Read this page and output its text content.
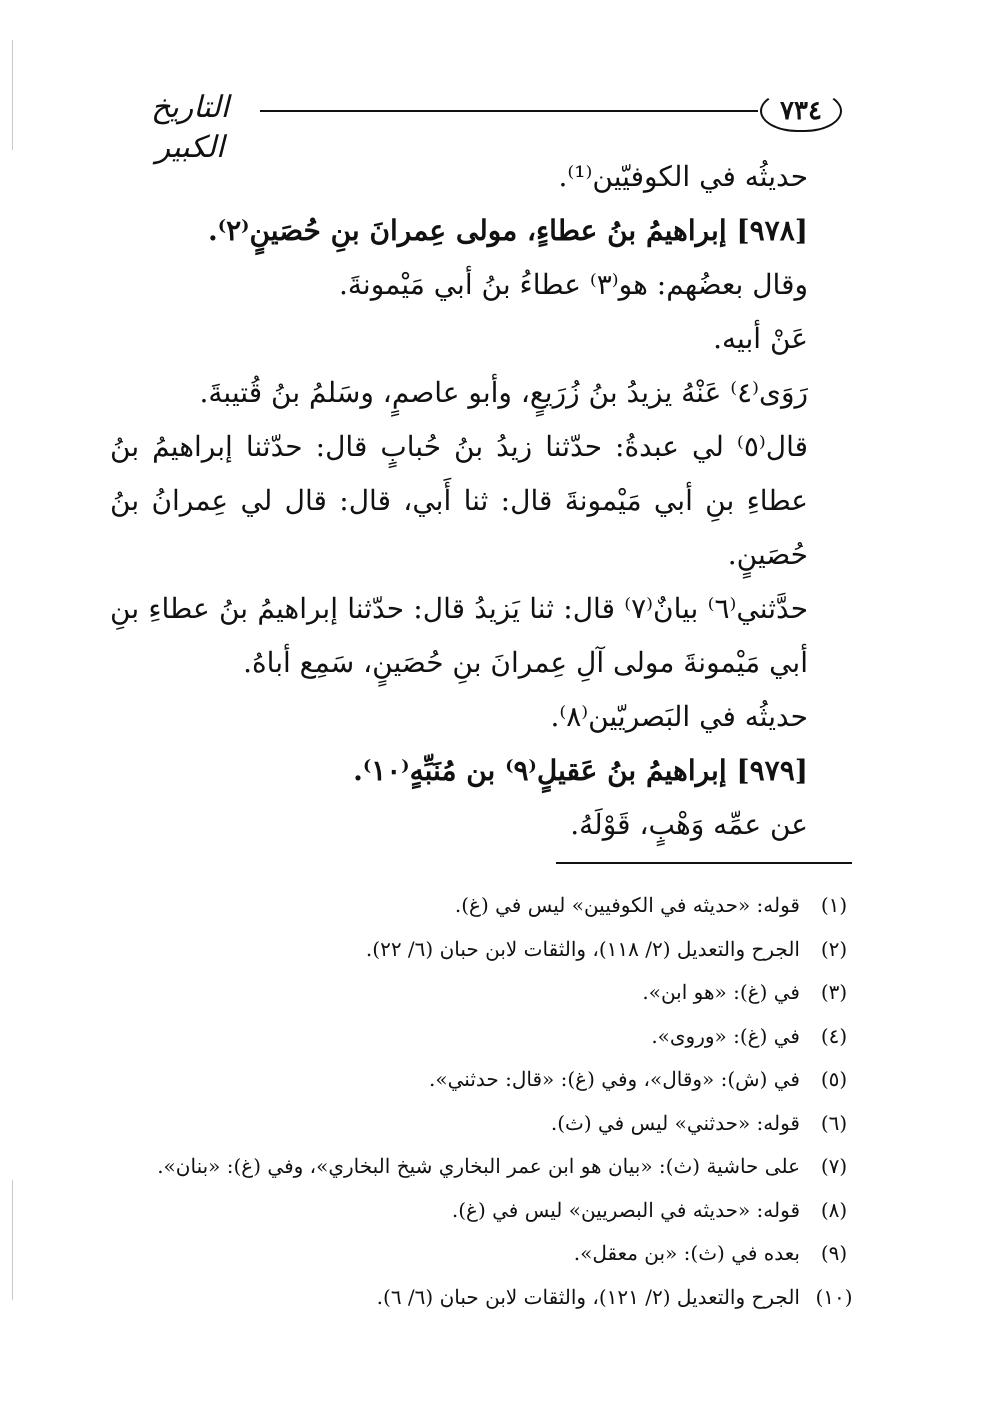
التاريخ الكبير
٧٣٤

حديثُه في الكوفيّين⁽¹⁾.

[٩٧٨] إبراهيمُ بنُ عطاءٍ، مولى عِمرانَ بنِ حُصَينٍ⁽٢⁾.

وقال بعضُهم: هو⁽٣⁾ عطاءُ بنُ أبي مَيْمونةَ.

عَنْ أبيه.

رَوَى⁽٤⁾ عَنْهُ يزيدُ بنُ زُرَيعٍ، وأبو عاصمٍ، وسَلمُ بنُ قُتيبةَ.

قال⁽٥⁾ لي عبدةُ: حدّثنا زيدُ بنُ حُبابٍ قال: حدّثنا إبراهيمُ بنُ عطاءِ بنِ أبي مَيْمونةَ قال: ثنا أَبي، قال: قال لي عِمرانُ بنُ حُصَينٍ.

حدَّثني⁽٦⁾ بيانٌ⁽٧⁾ قال: ثنا يَزيدُ قال: حدّثنا إبراهيمُ بنُ عطاءِ بنِ أبي مَيْمونةَ مولى آلِ عِمرانَ بنِ حُصَينٍ، سَمِع أباهُ.

حديثُه في البَصريّين⁽٨⁾.

[٩٧٩] إبراهيمُ بنُ عَقيلٍ⁽٩⁾ بن مُنَبِّهٍ⁽١٠⁾.

عن عمِّه وَهْبٍ، قَوْلَهُ.

(١)قوله: «حديثه في الكوفيين» ليس في (غ).
(٢)الجرح والتعديل (٢/ ١١٨)، والثقات لابن حبان (٦/ ٢٢).
(٣)في (غ): «هو ابن».
(٤)في (غ): «وروى».
(٥)في (ش): «وقال»، وفي (غ): «قال: حدثني».
(٦)قوله: «حدثني» ليس في (ث).
(٧)على حاشية (ث): «بيان هو ابن عمر البخاري شيخ البخاري»، وفي (غ): «بنان».
(٨)قوله: «حديثه في البصريين» ليس في (غ).
(٩)بعده في (ث): «بن معقل».
(١٠)الجرح والتعديل (٢/ ١٢١)، والثقات لابن حبان (٦/ ٦).
